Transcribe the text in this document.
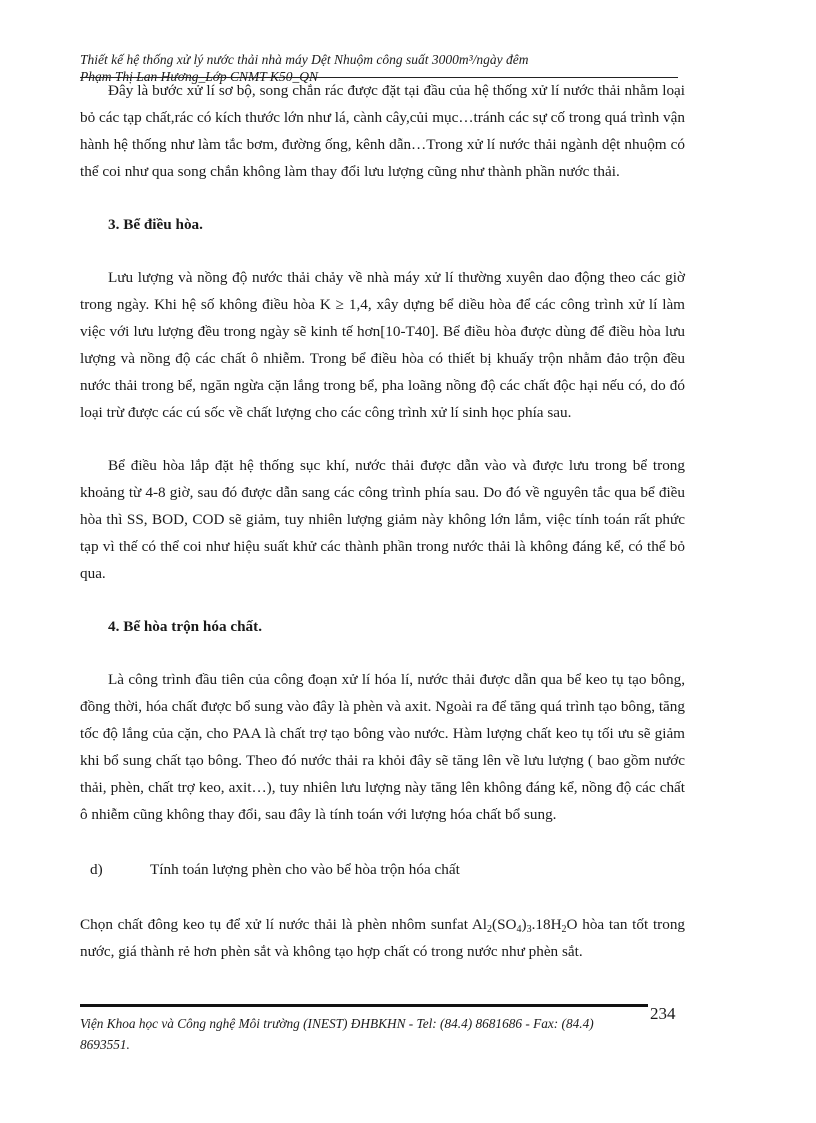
Thiết kế hệ thống xử lý nước thải nhà máy Dệt Nhuộm công suất 3000m³/ngày đêm
Phạm Thị Lan Hương_Lớp CNMT K50_QN

Đây là bước xử lí sơ bộ, song chắn rác được đặt tại đầu của hệ thống xử lí nước thải nhằm loại bỏ các tạp chất,rác có kích thước lớn như lá, cành cây,củi mục…tránh các sự cố trong quá trình vận hành hệ thống như làm tắc bơm, đường ống, kênh dẫn…Trong xử lí nước thải ngành dệt nhuộm có thể coi như qua song chắn không làm thay đổi lưu lượng cũng như thành phần nước thải.

3. Bể điều hòa.

Lưu lượng và nồng độ nước thải chảy về nhà máy xử lí thường xuyên dao động theo các giờ trong ngày. Khi hệ số không điều hòa K ≥ 1,4, xây dựng bể diều hòa để các công trình xử lí làm việc với lưu lượng đều trong ngày sẽ kinh tế hơn[10-T40]. Bể điều hòa được dùng để điều hòa lưu lượng và nồng độ các chất ô nhiễm. Trong bể điều hòa có thiết bị khuấy trộn nhằm đảo trộn đều nước thải trong bể, ngăn ngừa cặn lắng trong bể, pha loãng nồng độ các chất độc hại nếu có, do đó loại trừ được các cú sốc về chất lượng cho các công trình xử lí sinh học phía sau.

Bể điều hòa lắp đặt hệ thống sục khí, nước thải được dẫn vào và được lưu trong bể trong khoảng từ 4-8 giờ, sau đó được dẫn sang các công trình phía sau. Do đó về nguyên tắc qua bể điều hòa thì SS, BOD, COD sẽ giảm, tuy nhiên lượng giảm này không lớn lắm, việc tính toán rất phức tạp vì thế có thể coi như hiệu suất khử các thành phần trong nước thải là không đáng kể, có thể bỏ qua.

4. Bể hòa trộn hóa chất.

Là công trình đầu tiên của công đoạn xử lí hóa lí, nước thải được dẫn qua bể keo tụ tạo bông, đồng thời, hóa chất được bổ sung vào đây là phèn và axit. Ngoài ra để tăng quá trình tạo bông, tăng tốc độ lắng của cặn, cho PAA là chất trợ tạo bông vào nước. Hàm lượng chất keo tụ tối ưu sẽ giảm khi bổ sung chất tạo bông. Theo đó nước thải ra khỏi đây sẽ tăng lên về lưu lượng ( bao gồm nước thải, phèn, chất trợ keo, axit…), tuy nhiên lưu lượng này tăng lên không đáng kể, nồng độ các chất ô nhiễm cũng không thay đổi, sau đây là tính toán với lượng hóa chất bổ sung.

d)	Tính toán lượng phèn cho vào bể hòa trộn hóa chất

Chọn chất đông keo tụ để xử lí nước thải là phèn nhôm sunfat $Al_2(SO_4)_3.18H_2O$ hòa tan tốt trong nước, giá thành rẻ hơn phèn sắt và không tạo hợp chất có trong nước như phèn sắt.

Viện Khoa học và Công nghệ Môi trường (INEST) ĐHBKHN - Tel: (84.4) 8681686 - Fax: (84.4) 8693551.
234
